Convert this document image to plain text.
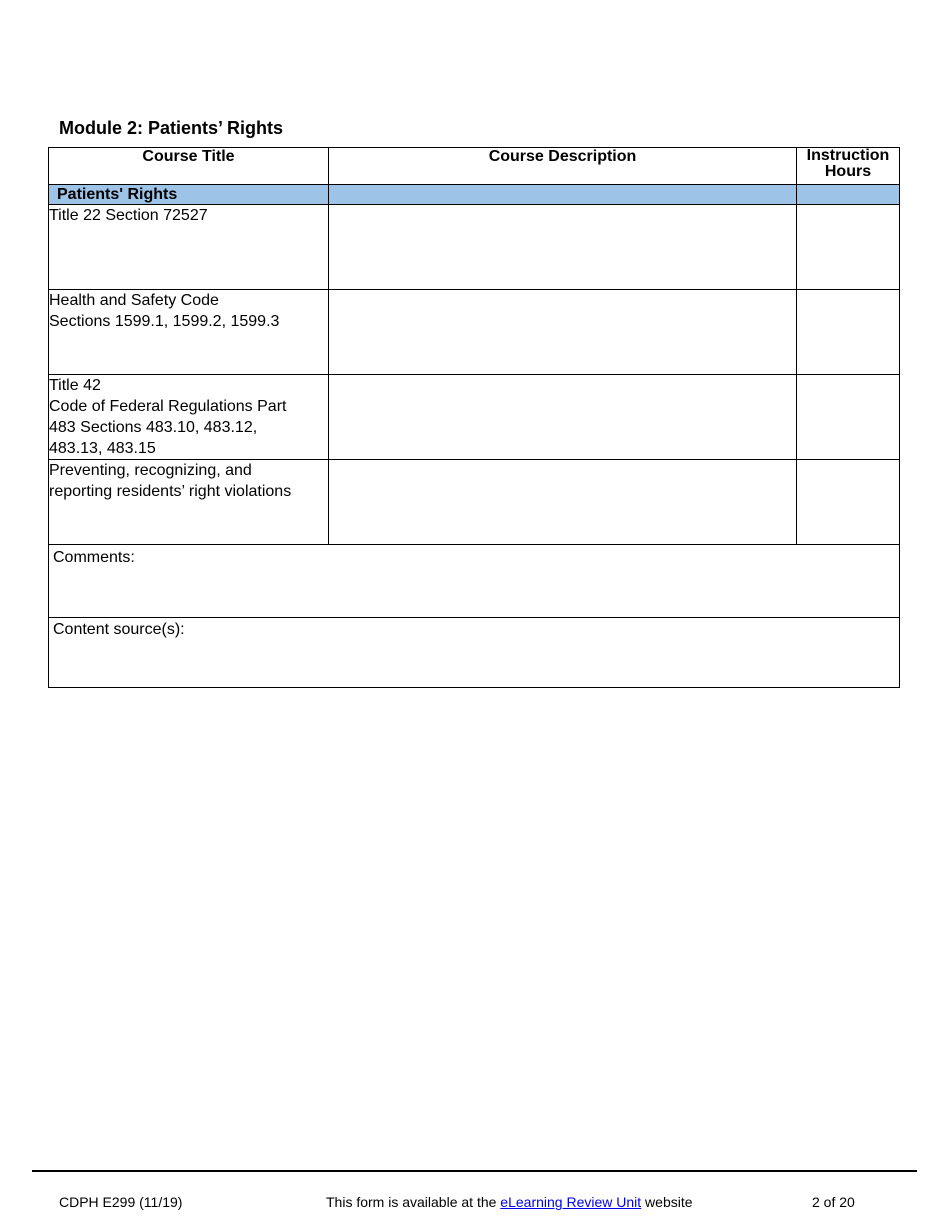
Module 2: Patients’ Rights
Course Title	Course Description	Instruction
Hours
Patients' Rights		

Title 22 Section 72527		

Health and Safety Code
Sections 1599.1, 1599.2, 1599.3		

Title 42
Code of Federal Regulations Part
483 Sections 483.10, 483.12,
483.13, 483.15		

Preventing, recognizing, and
reporting residents’ right violations		

Comments:		
Content source(s):		
CDPH E299 (11/19)	This form is available at the eLearning Review Unit website	2 of 20
